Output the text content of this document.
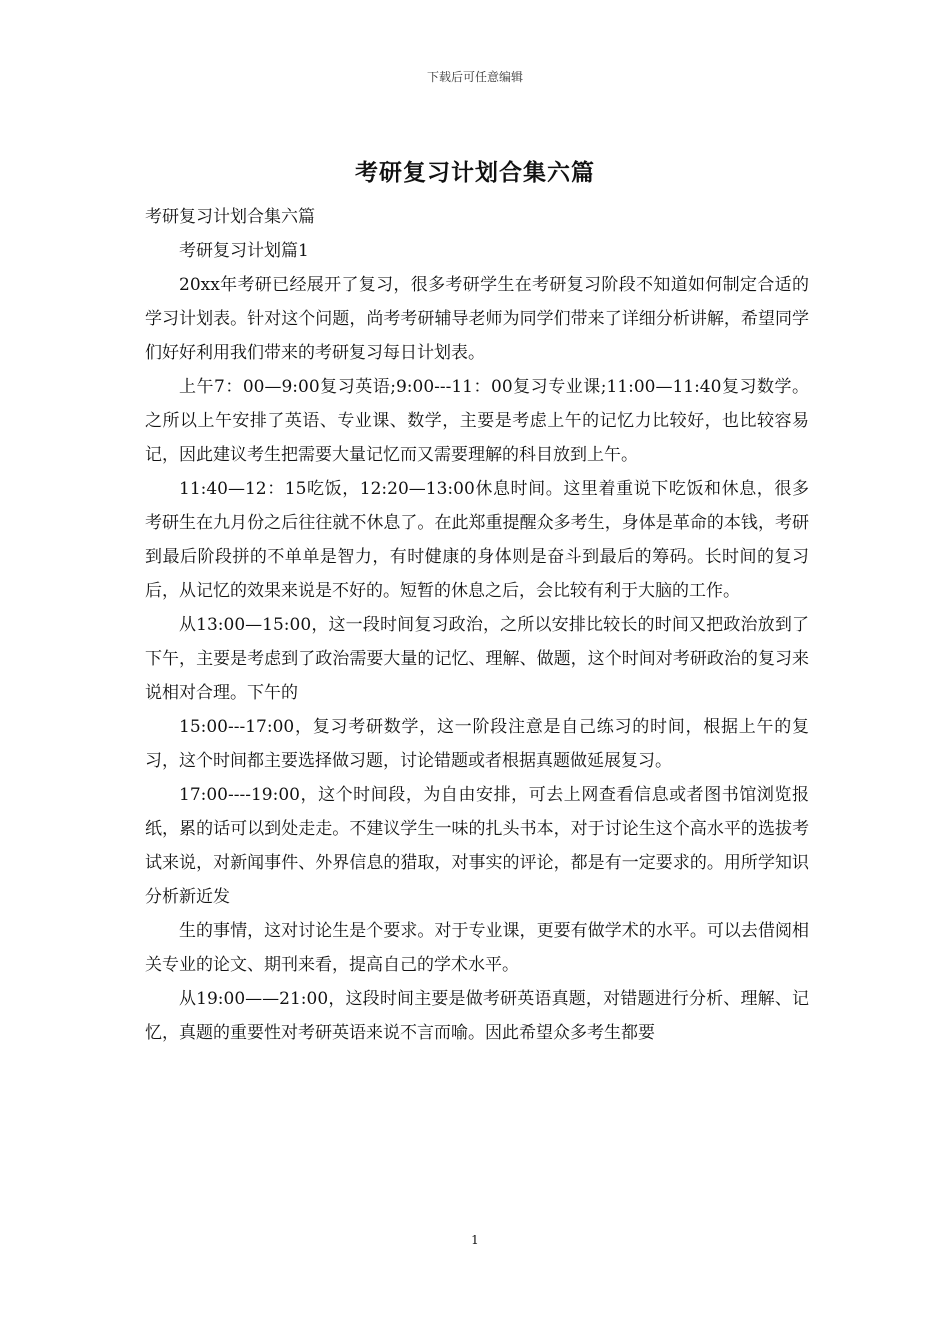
下载后可任意编辑
考研复习计划合集六篇

考研复习计划合集六篇

考研复习计划篇1

20xx年考研已经展开了复习，很多考研学生在考研复习阶段不知道如何制定合适的学习计划表。针对这个问题，尚考考研辅导老师为同学们带来了详细分析讲解，希望同学们好好利用我们带来的考研复习每日计划表。

上午7：00—9:00复习英语;9:00---11：00复习专业课;11:00—11:40复习数学。之所以上午安排了英语、专业课、数学，主要是考虑上午的记忆力比较好，也比较容易记，因此建议考生把需要大量记忆而又需要理解的科目放到上午。

11:40—12：15吃饭，12:20—13:00休息时间。这里着重说下吃饭和休息，很多考研生在九月份之后往往就不休息了。在此郑重提醒众多考生，身体是革命的本钱，考研到最后阶段拼的不单单是智力，有时健康的身体则是奋斗到最后的筹码。长时间的复习后，从记忆的效果来说是不好的。短暂的休息之后，会比较有利于大脑的工作。

从13:00—15:00，这一段时间复习政治，之所以安排比较长的时间又把政治放到了下午，主要是考虑到了政治需要大量的记忆、理解、做题，这个时间对考研政治的复习来说相对合理。下午的

15:00---17:00，复习考研数学，这一阶段注意是自己练习的时间，根据上午的复习，这个时间都主要选择做习题，讨论错题或者根据真题做延展复习。

17:00----19:00，这个时间段，为自由安排，可去上网查看信息或者图书馆浏览报纸，累的话可以到处走走。不建议学生一味的扎头书本，对于讨论生这个高水平的选拔考试来说，对新闻事件、外界信息的猎取，对事实的评论，都是有一定要求的。用所学知识分析新近发

生的事情，这对讨论生是个要求。对于专业课，更要有做学术的水平。可以去借阅相关专业的论文、期刊来看，提高自己的学术水平。

从19:00——21:00，这段时间主要是做考研英语真题，对错题进行分析、理解、记忆，真题的重要性对考研英语来说不言而喻。因此希望众多考生都要

1
